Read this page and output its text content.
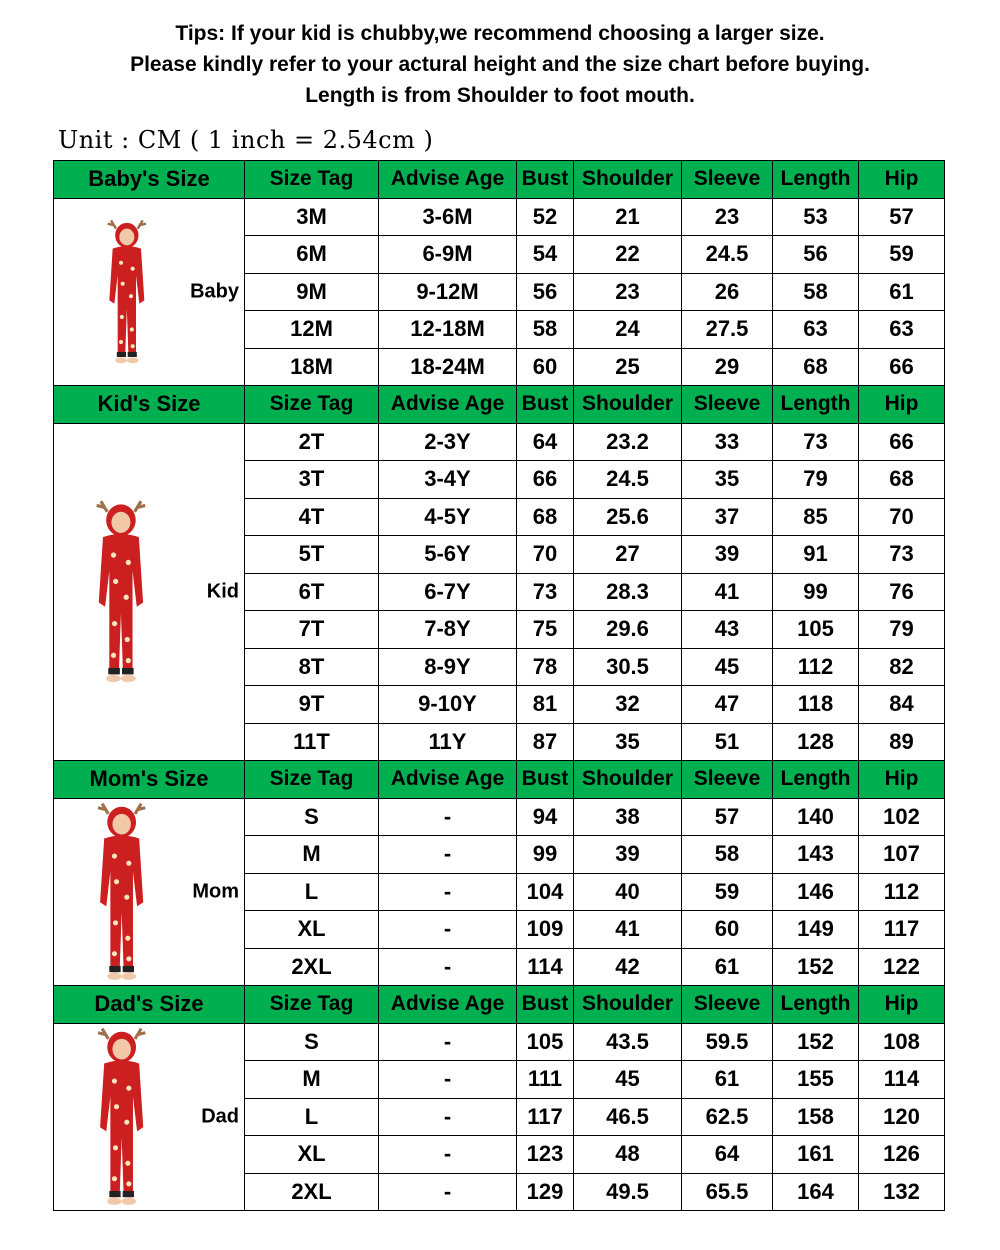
Tips: If your kid is chubby,we recommend choosing a larger size.
Please kindly refer to your actural height and the size chart before buying.
Length is from Shoulder to foot mouth.
Unit : CM ( 1 inch = 2.54cm )
Baby's Size	Size Tag	Advise Age	Bust	Shoulder	Sleeve	Length	Hip

Baby	3M	3-6M	52	21	23	53	57
	6M	6-9M	54	22	24.5	56	59
	9M	9-12M	56	23	26	58	61
	12M	12-18M	58	24	27.5	63	63
	18M	18-24M	60	25	29	68	66
Kid's Size	Size Tag	Advise Age	Bust	Shoulder	Sleeve	Length	Hip

Kid	2T	2-3Y	64	23.2	33	73	66
	3T	3-4Y	66	24.5	35	79	68
	4T	4-5Y	68	25.6	37	85	70
	5T	5-6Y	70	27	39	91	73
	6T	6-7Y	73	28.3	41	99	76
	7T	7-8Y	75	29.6	43	105	79
	8T	8-9Y	78	30.5	45	112	82
	9T	9-10Y	81	32	47	118	84
	11T	11Y	87	35	51	128	89
Mom's Size	Size Tag	Advise Age	Bust	Shoulder	Sleeve	Length	Hip

Mom	S	-	94	38	57	140	102
	M	-	99	39	58	143	107
	L	-	104	40	59	146	112
	XL	-	109	41	60	149	117
	2XL	-	114	42	61	152	122
Dad's Size	Size Tag	Advise Age	Bust	Shoulder	Sleeve	Length	Hip

Dad	S	-	105	43.5	59.5	152	108
	M	-	111	45	61	155	114
	L	-	117	46.5	62.5	158	120
	XL	-	123	48	64	161	126
	2XL	-	129	49.5	65.5	164	132
